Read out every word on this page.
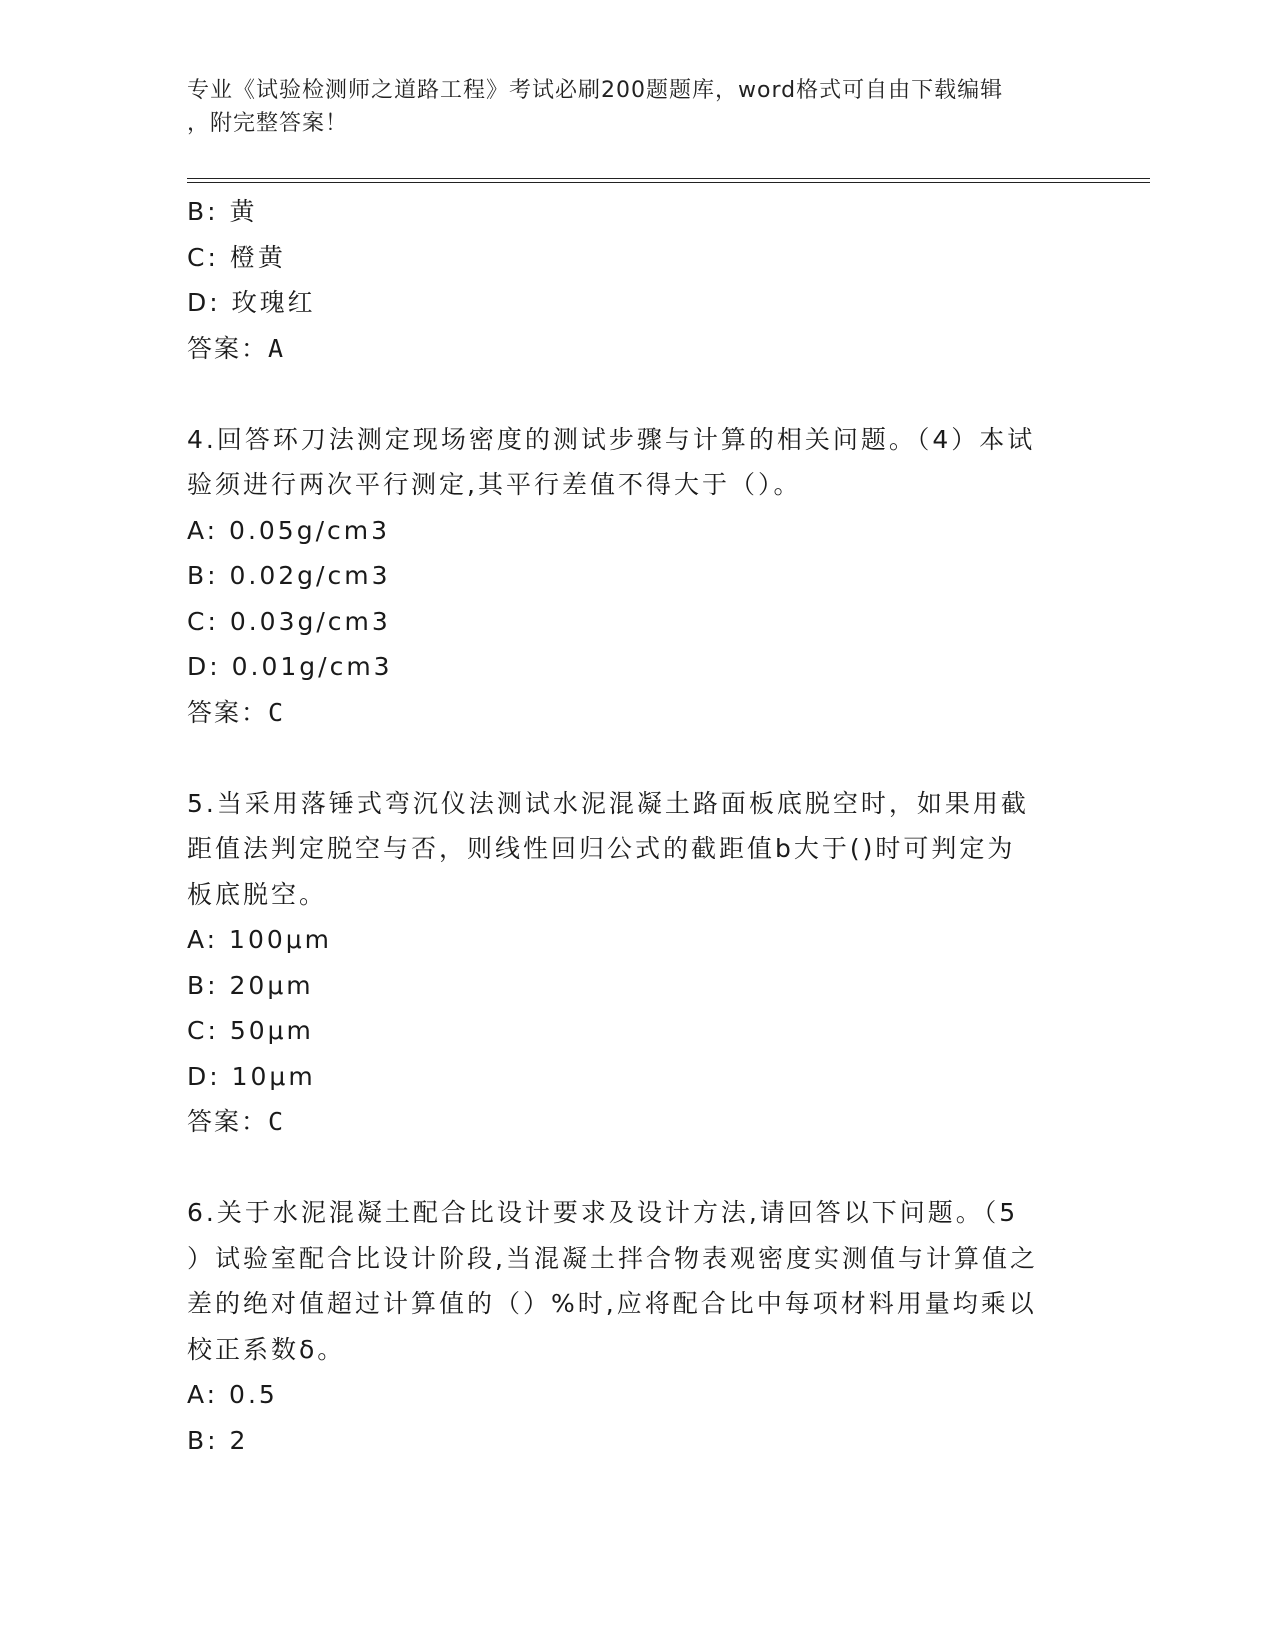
专业《试验检测师之道路工程》考试必刷200题题库，word格式可自由下载编辑
，附完整答案！
B: 黄
C: 橙黄
D: 玫瑰红
答案：A
4.回答环刀法测定现场密度的测试步骤与计算的相关问题。（4）本试
验须进行两次平行测定,其平行差值不得大于（）。
A: 0.05g/cm3
B: 0.02g/cm3
C: 0.03g/cm3
D: 0.01g/cm3
答案：C
5.当采用落锤式弯沉仪法测试水泥混凝土路面板底脱空时，如果用截
距值法判定脱空与否，则线性回归公式的截距值b大于()时可判定为
板底脱空。
A: 100μm
B: 20μm
C: 50μm
D: 10μm
答案：C
6.关于水泥混凝土配合比设计要求及设计方法,请回答以下问题。（5
）试验室配合比设计阶段,当混凝土拌合物表观密度实测值与计算值之
差的绝对值超过计算值的（）%时,应将配合比中每项材料用量均乘以
校正系数δ。
A: 0.5
B: 2
